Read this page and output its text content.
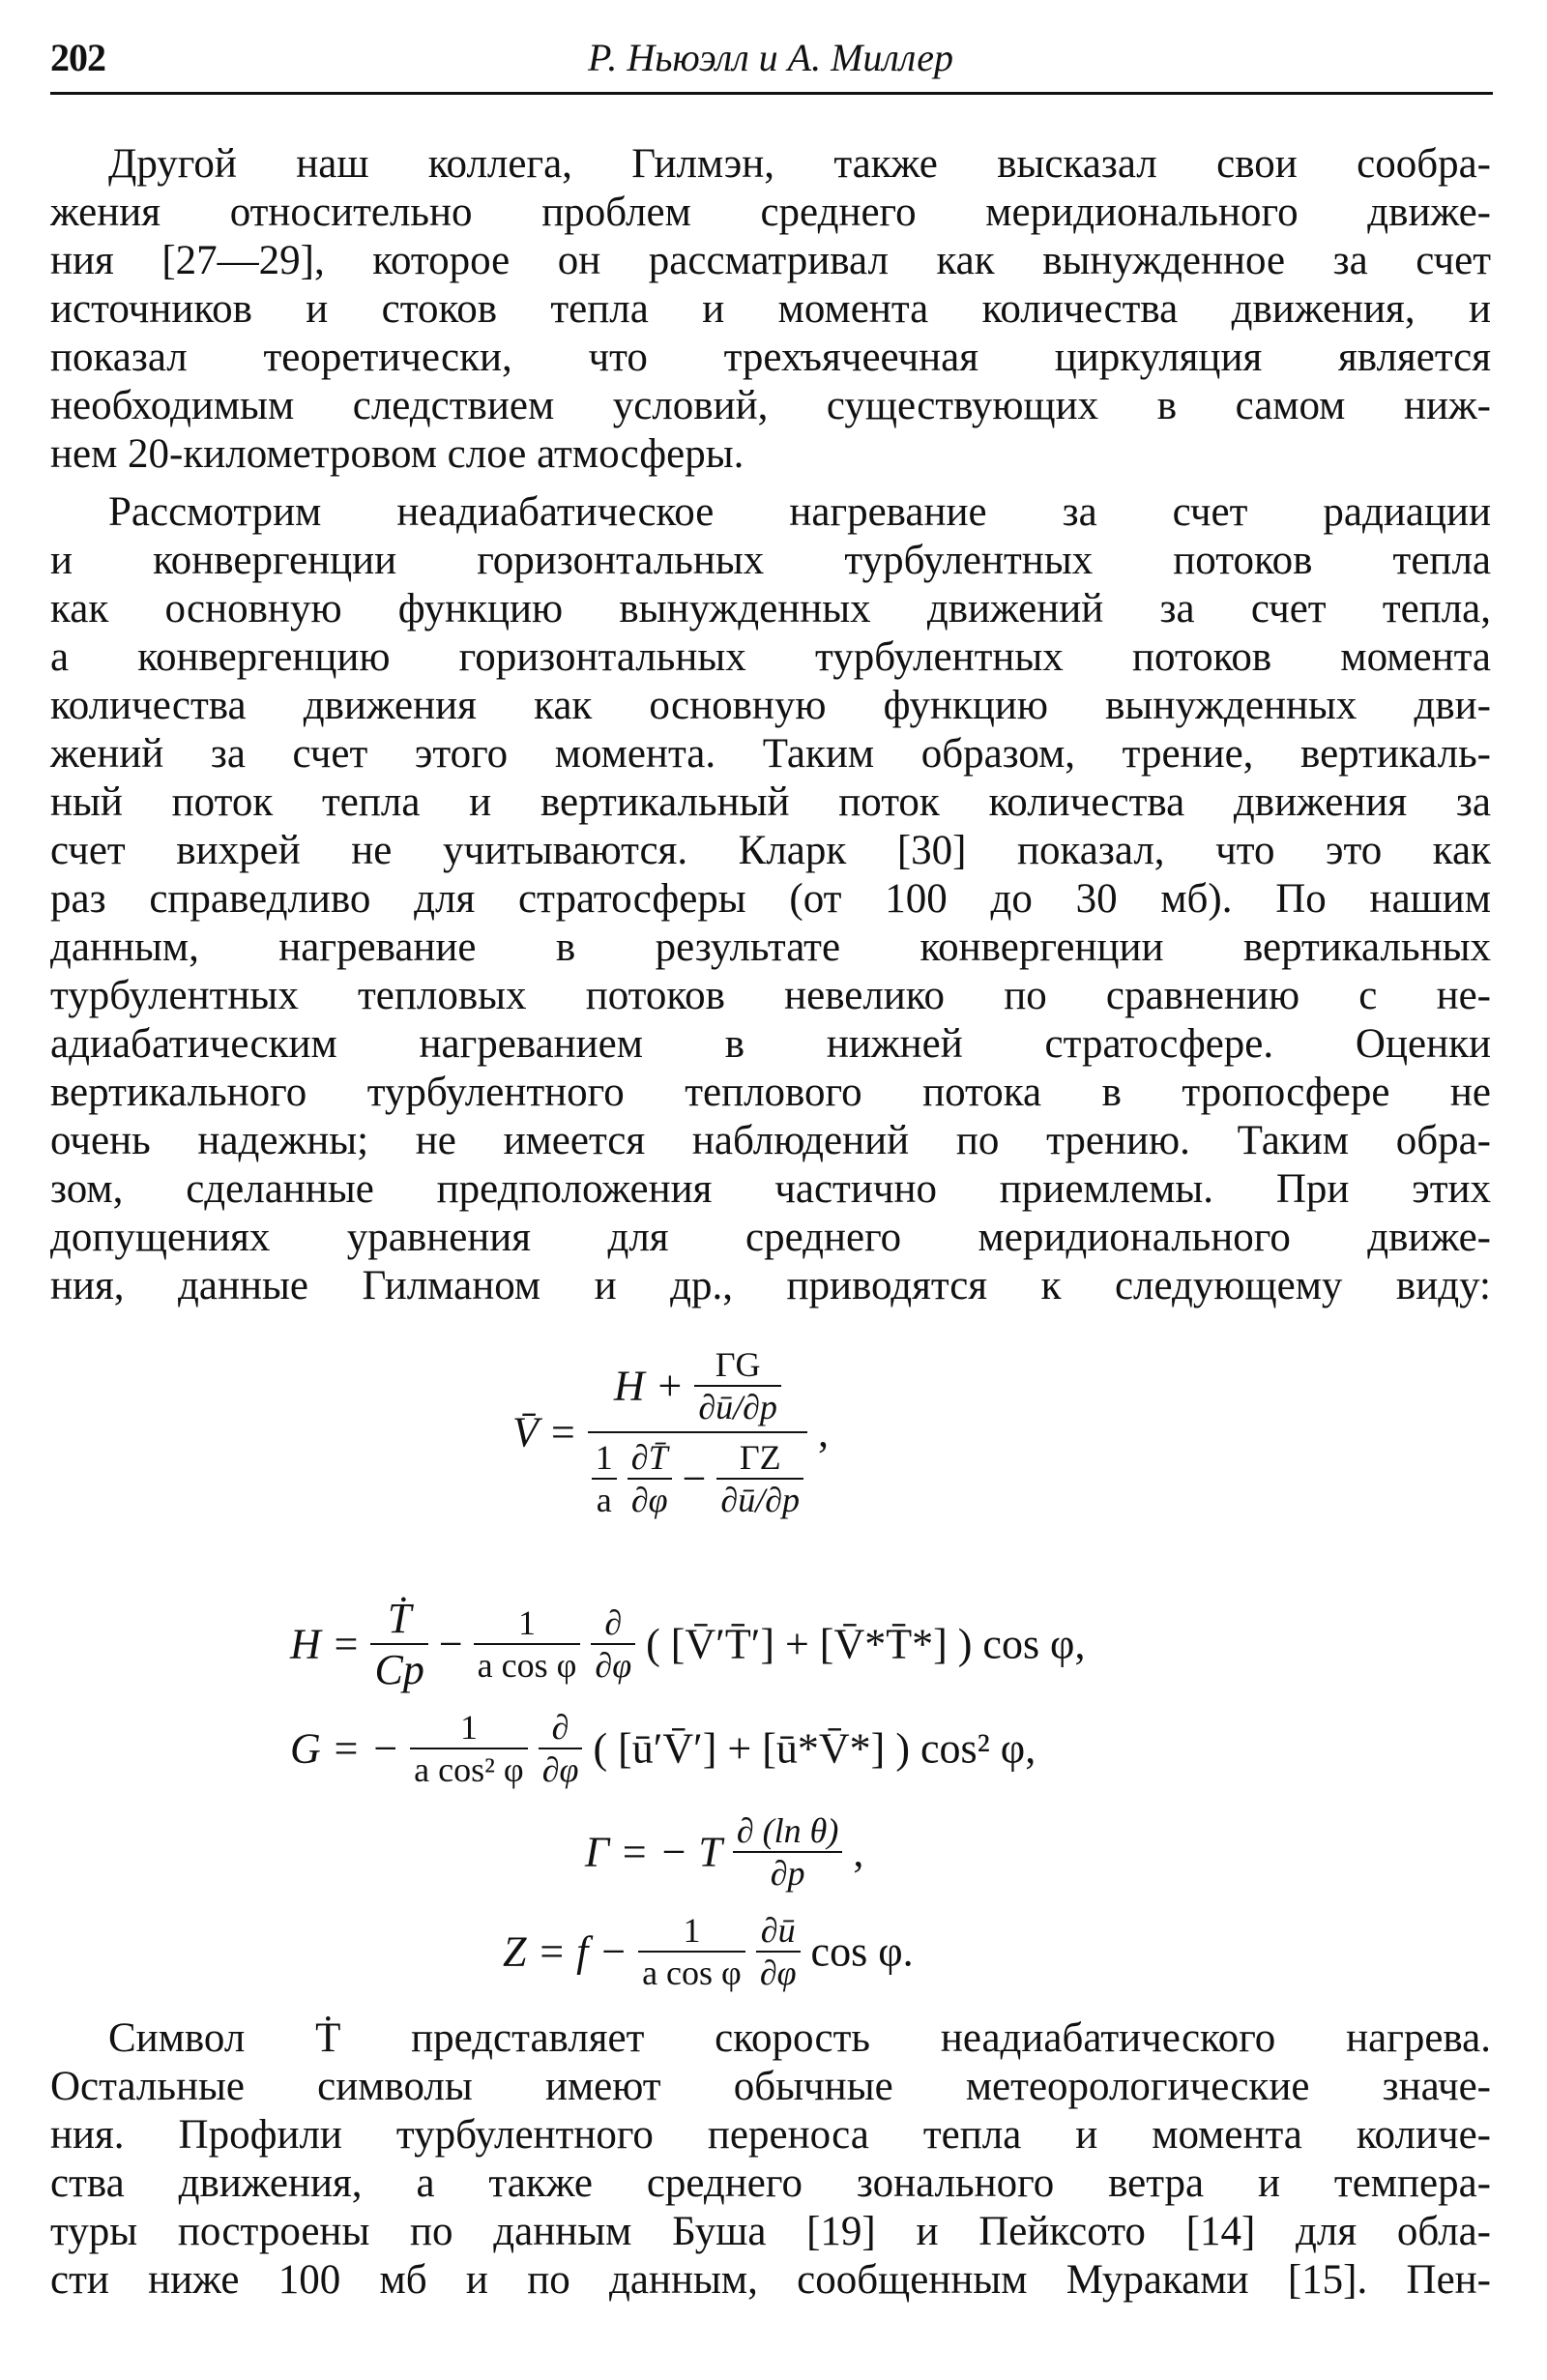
202	Р. Ньюэлл и А. Миллер
Другой наш коллега, Гилмэн, также высказал свои сообра-
жения относительно проблем среднего меридионального движе-
ния [27—29], которое он рассматривал как вынужденное за счет
источников и стоков тепла и момента количества движения, и
показал теоретически, что трехъячеечная циркуляция является
необходимым следствием условий, существующих в самом ниж-
нем 20-километровом слое атмосферы.
Рассмотрим неадиабатическое нагревание за счет радиации
и конвергенции горизонтальных турбулентных потоков тепла
как основную функцию вынужденных движений за счет тепла,
а конвергенцию горизонтальных турбулентных потоков момента
количества движения как основную функцию вынужденных дви-
жений за счет этого момента. Таким образом, трение, вертикаль-
ный поток тепла и вертикальный поток количества движения за
счет вихрей не учитываются. Кларк [30] показал, что это как
раз справедливо для стратосферы (от 100 до 30 мб). По нашим
данным, нагревание в результате конвергенции вертикальных
турбулентных тепловых потоков невелико по сравнению с не-
адиабатическим нагреванием в нижней стратосфере. Оценки
вертикального турбулентного теплового потока в тропосфере не
очень надежны; не имеется наблюдений по трению. Таким обра-
зом, сделанные предположения частично приемлемы. При этих
допущениях уравнения для среднего меридионального движе-
ния, данные Гилманом и др., приводятся к следующему виду:
V̄ =
$H + \frac{\Gamma G}{\partial ū/\partial p}$
$\frac{1}{a}$
$\frac{\partial T̄}{\partial\varphi} - \frac{\Gamma Z}{\partial ū/\partial p}$
,
$H = \frac{\text{Ṫ}}{Cp} - \frac{1}{\text{a cos φ}}$
$\frac{\partial}{\partial\varphi}$ ( [V̄′T̄′] + [V̄*T̄*] ) cos φ,
G = − $\frac{1}{\text{a cos² φ}}$
$\frac{\partial}{\partial\varphi}$ ( [ū′V̄′] + [ū*V̄*] ) cos² φ,
Γ = − T $\frac{\text{∂ (ln θ)}}{\partial p}$ ,
$Z = f - \frac{1}{\text{a cos φ}}$
$\frac{\partial ū}{\partial\varphi}$ cos φ.
Символ Ṫ представляет скорость неадиабатического нагрева.
Остальные символы имеют обычные метеорологические значе-
ния. Профили турбулентного переноса тепла и момента количе-
ства движения, а также среднего зонального ветра и темпера-
туры построены по данным Буша [19] и Пейксото [14] для обла-
сти ниже 100 мб и по данным, сообщенным Мураками [15]. Пен-
